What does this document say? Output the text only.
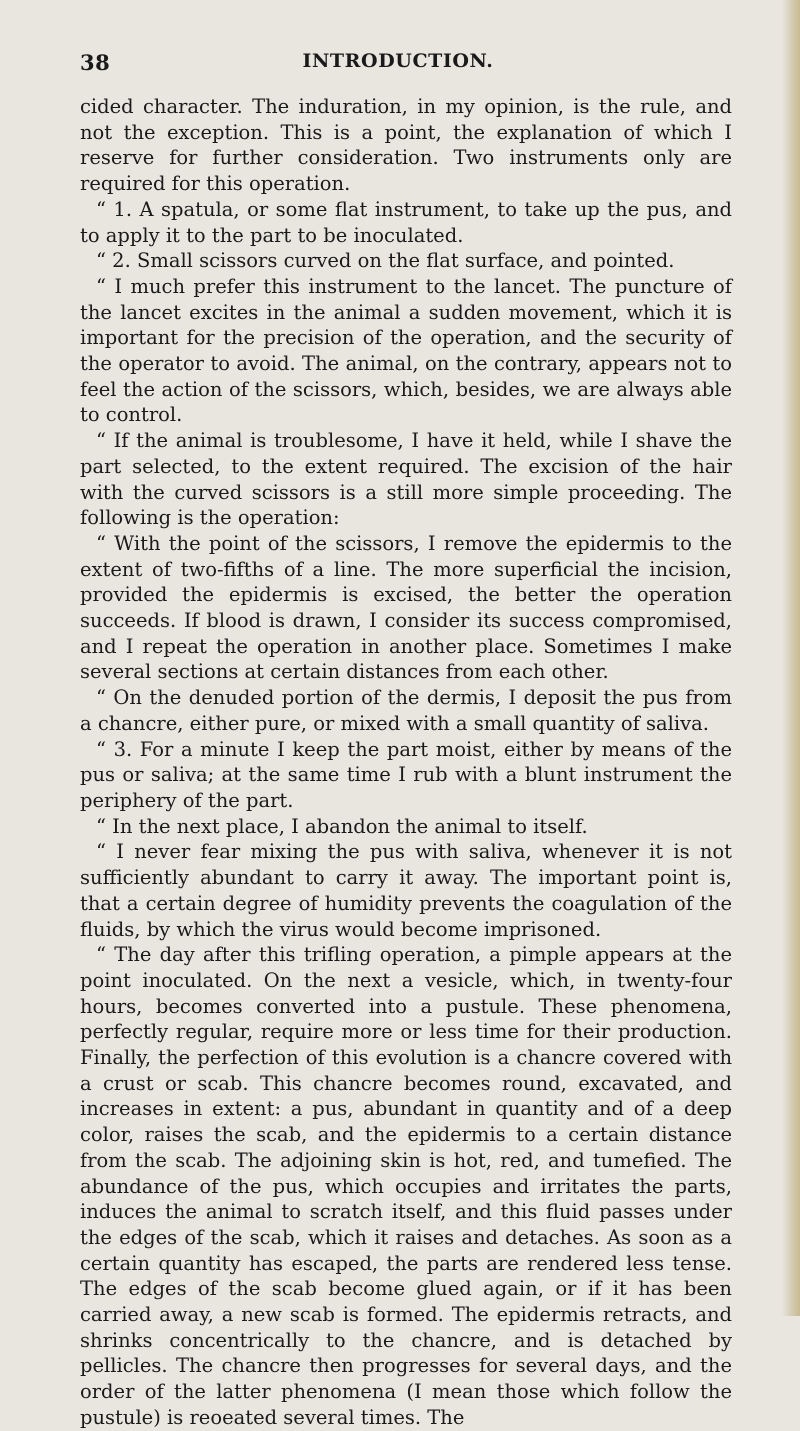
38	INTRODUCTION.

cided character. The induration, in my opinion, is the rule, and not the exception. This is a point, the explanation of which I reserve for further consideration. Two instruments only are required for this operation.

“ 1. A spatula, or some flat instrument, to take up the pus, and to apply it to the part to be inoculated.

“ 2. Small scissors curved on the flat surface, and pointed.

“ I much prefer this instrument to the lancet. The puncture of the lancet excites in the animal a sudden movement, which it is important for the precision of the operation, and the security of the operator to avoid. The animal, on the contrary, appears not to feel the action of the scissors, which, besides, we are always able to control.

“ If the animal is troublesome, I have it held, while I shave the part selected, to the extent required. The excision of the hair with the curved scissors is a still more simple proceeding. The following is the operation:

“ With the point of the scissors, I remove the epidermis to the extent of two-fifths of a line. The more superficial the incision, provided the epidermis is excised, the better the operation succeeds. If blood is drawn, I consider its success compromised, and I repeat the operation in another place. Sometimes I make several sections at certain distances from each other.

“ On the denuded portion of the dermis, I deposit the pus from a chancre, either pure, or mixed with a small quantity of saliva.

“ 3. For a minute I keep the part moist, either by means of the pus or saliva; at the same time I rub with a blunt instrument the periphery of the part.

“ In the next place, I abandon the animal to itself.

“ I never fear mixing the pus with saliva, whenever it is not sufficiently abundant to carry it away. The important point is, that a certain degree of humidity prevents the coagulation of the fluids, by which the virus would become imprisoned.

“ The day after this trifling operation, a pimple appears at the point inoculated. On the next a vesicle, which, in twenty-four hours, becomes converted into a pustule. These phenomena, perfectly regular, require more or less time for their production. Finally, the perfection of this evolution is a chancre covered with a crust or scab. This chancre becomes round, excavated, and increases in extent: a pus, abundant in quantity and of a deep color, raises the scab, and the epidermis to a certain distance from the scab. The adjoining skin is hot, red, and tumefied. The abundance of the pus, which occupies and irritates the parts, induces the animal to scratch itself, and this fluid passes under the edges of the scab, which it raises and detaches. As soon as a certain quantity has escaped, the parts are rendered less tense. The edges of the scab become glued again, or if it has been carried away, a new scab is formed. The epidermis retracts, and shrinks concentrically to the chancre, and is detached by pellicles. The chancre then progresses for several days, and the order of the latter phenomena (I mean those which follow the pustule) is reoeated several times. The
